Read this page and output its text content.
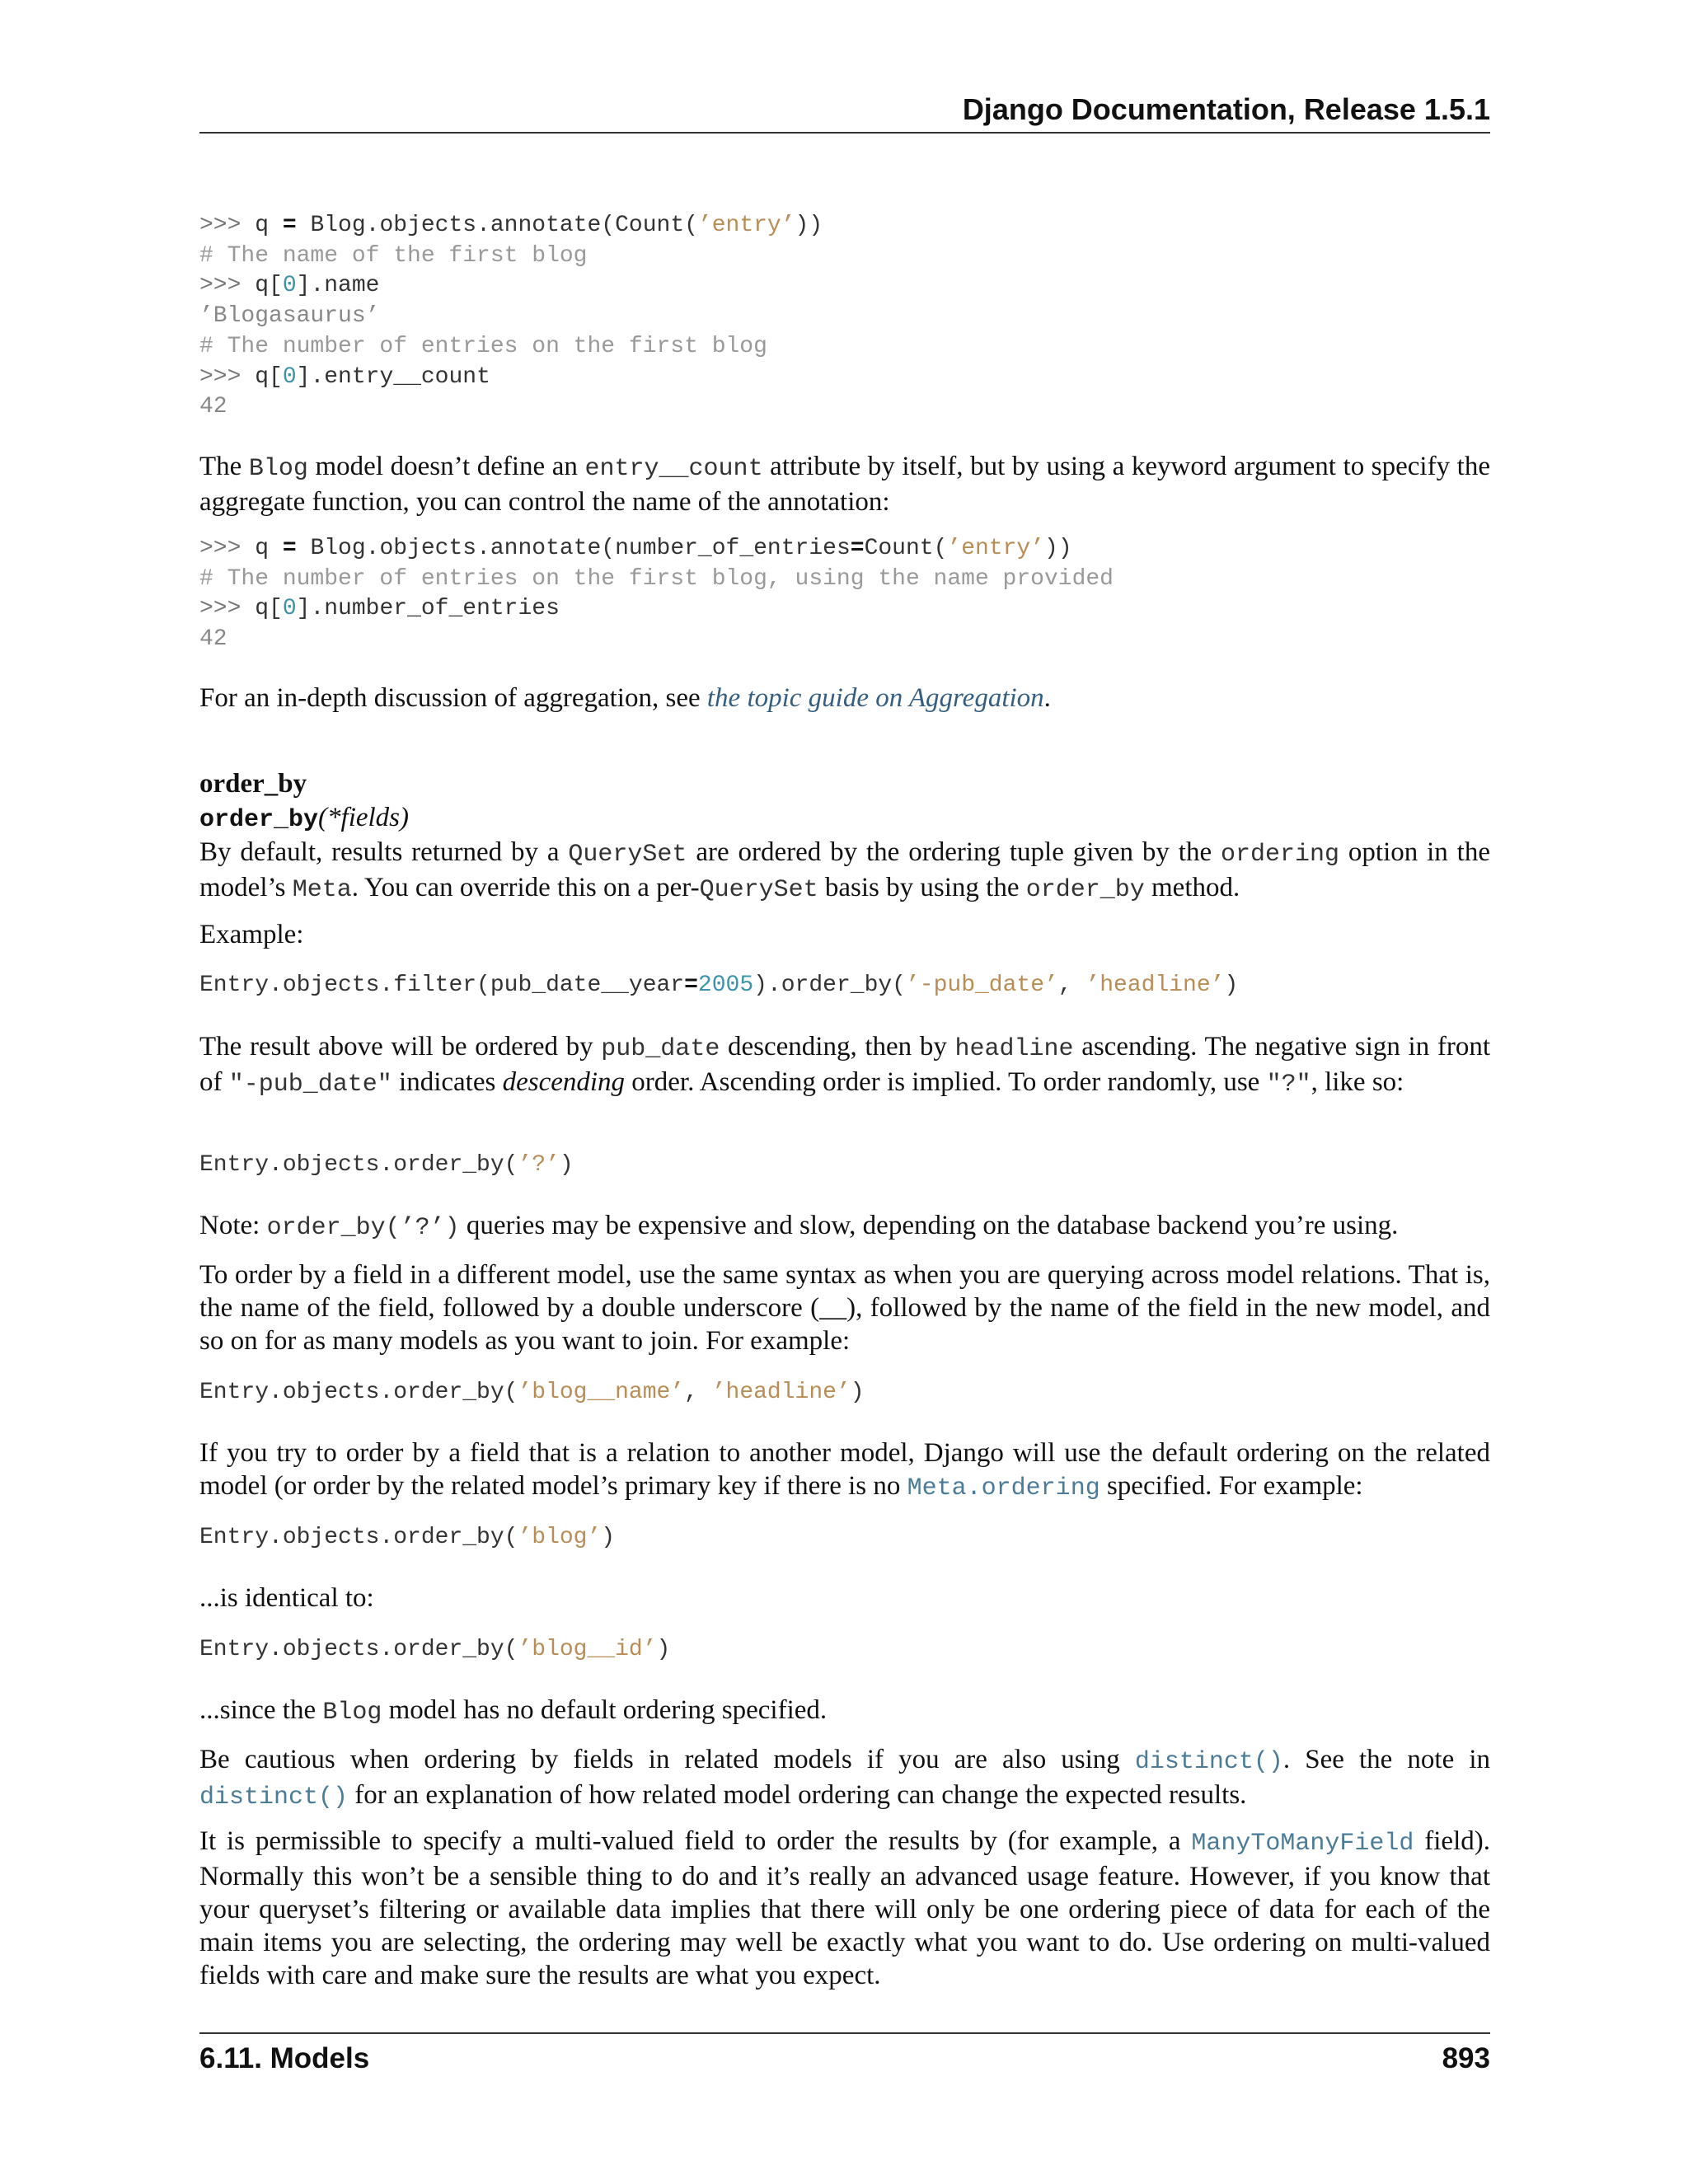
Django Documentation, Release 1.5.1
>>> q = Blog.objects.annotate(Count(’entry’))
# The name of the first blog
>>> q[0].name
’Blogasaurus’
# The number of entries on the first blog
>>> q[0].entry__count
42
The Blog model doesn’t define an entry__count attribute by itself, but by using a keyword argument to specify the aggregate function, you can control the name of the annotation:
>>> q = Blog.objects.annotate(number_of_entries=Count(’entry’))
# The number of entries on the first blog, using the name provided
>>> q[0].number_of_entries
42
For an in-depth discussion of aggregation, see the topic guide on Aggregation.
order_by
order_by(*fields)
By default, results returned by a QuerySet are ordered by the ordering tuple given by the ordering option in the model’s Meta. You can override this on a per-QuerySet basis by using the order_by method.
Example:
Entry.objects.filter(pub_date__year=2005).order_by(’-pub_date’, ’headline’)
The result above will be ordered by pub_date descending, then by headline ascending. The negative sign in front of "-pub_date" indicates descending order. Ascending order is implied. To order randomly, use "?", like so:
Entry.objects.order_by(’?’)
Note: order_by(’?’) queries may be expensive and slow, depending on the database backend you’re using.
To order by a field in a different model, use the same syntax as when you are querying across model relations. That is, the name of the field, followed by a double underscore (__), followed by the name of the field in the new model, and so on for as many models as you want to join. For example:
Entry.objects.order_by(’blog__name’, ’headline’)
If you try to order by a field that is a relation to another model, Django will use the default ordering on the related model (or order by the related model’s primary key if there is no Meta.ordering specified. For example:
Entry.objects.order_by(’blog’)
...is identical to:
Entry.objects.order_by(’blog__id’)
...since the Blog model has no default ordering specified.
Be cautious when ordering by fields in related models if you are also using distinct(). See the note in distinct() for an explanation of how related model ordering can change the expected results.
It is permissible to specify a multi-valued field to order the results by (for example, a ManyToManyField field). Normally this won’t be a sensible thing to do and it’s really an advanced usage feature. However, if you know that your queryset’s filtering or available data implies that there will only be one ordering piece of data for each of the main items you are selecting, the ordering may well be exactly what you want to do. Use ordering on multi-valued fields with care and make sure the results are what you expect.
6.11. Models	893
